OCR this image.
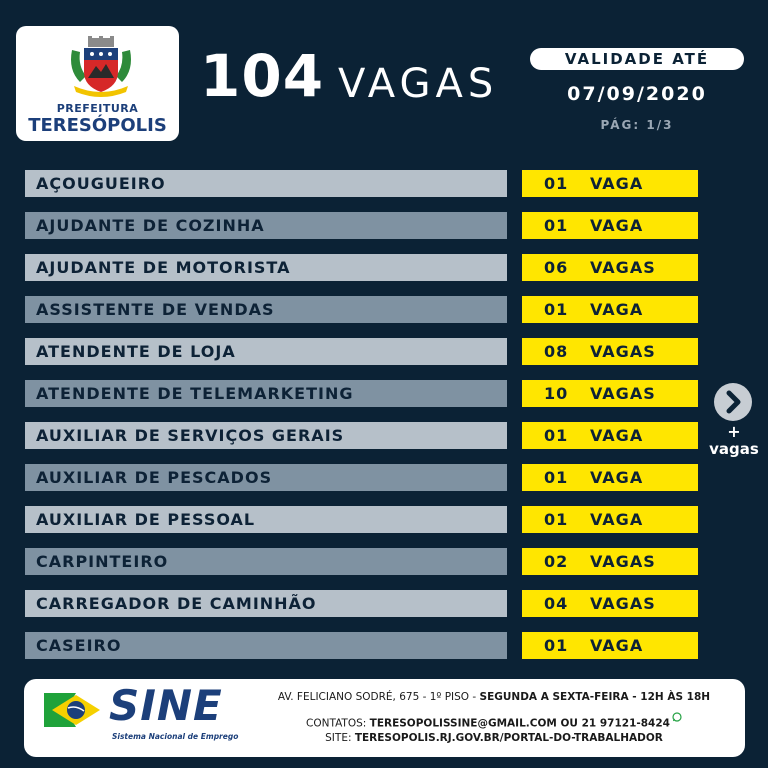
PREFEITURA
TERESÓPOLIS
104 VAGAS
VALIDADE ATÉ
07/09/2020
PÁG: 1/3
AÇOUGUEIRO	01 VAGA
AJUDANTE DE COZINHA	01 VAGA
AJUDANTE DE MOTORISTA	06 VAGAS
ASSISTENTE DE VENDAS	01 VAGA
ATENDENTE DE LOJA	08 VAGAS
ATENDENTE DE TELEMARKETING	10 VAGAS
AUXILIAR DE SERVIÇOS GERAIS	01 VAGA
AUXILIAR DE PESCADOS	01 VAGA
AUXILIAR DE PESSOAL	01 VAGA
CARPINTEIRO	02 VAGAS
CARREGADOR DE CAMINHÃO	04 VAGAS
CASEIRO	01 VAGA
+
vagas
SINE
Sistema Nacional de Emprego
AV. FELICIANO SODRÉ, 675 - 1º PISO - SEGUNDA A SEXTA-FEIRA - 12H ÀS 18H
CONTATOS: TERESOPOLISSINE@GMAIL.COM OU 21 97121-8424
SITE: TERESOPOLIS.RJ.GOV.BR/PORTAL-DO-TRABALHADOR
